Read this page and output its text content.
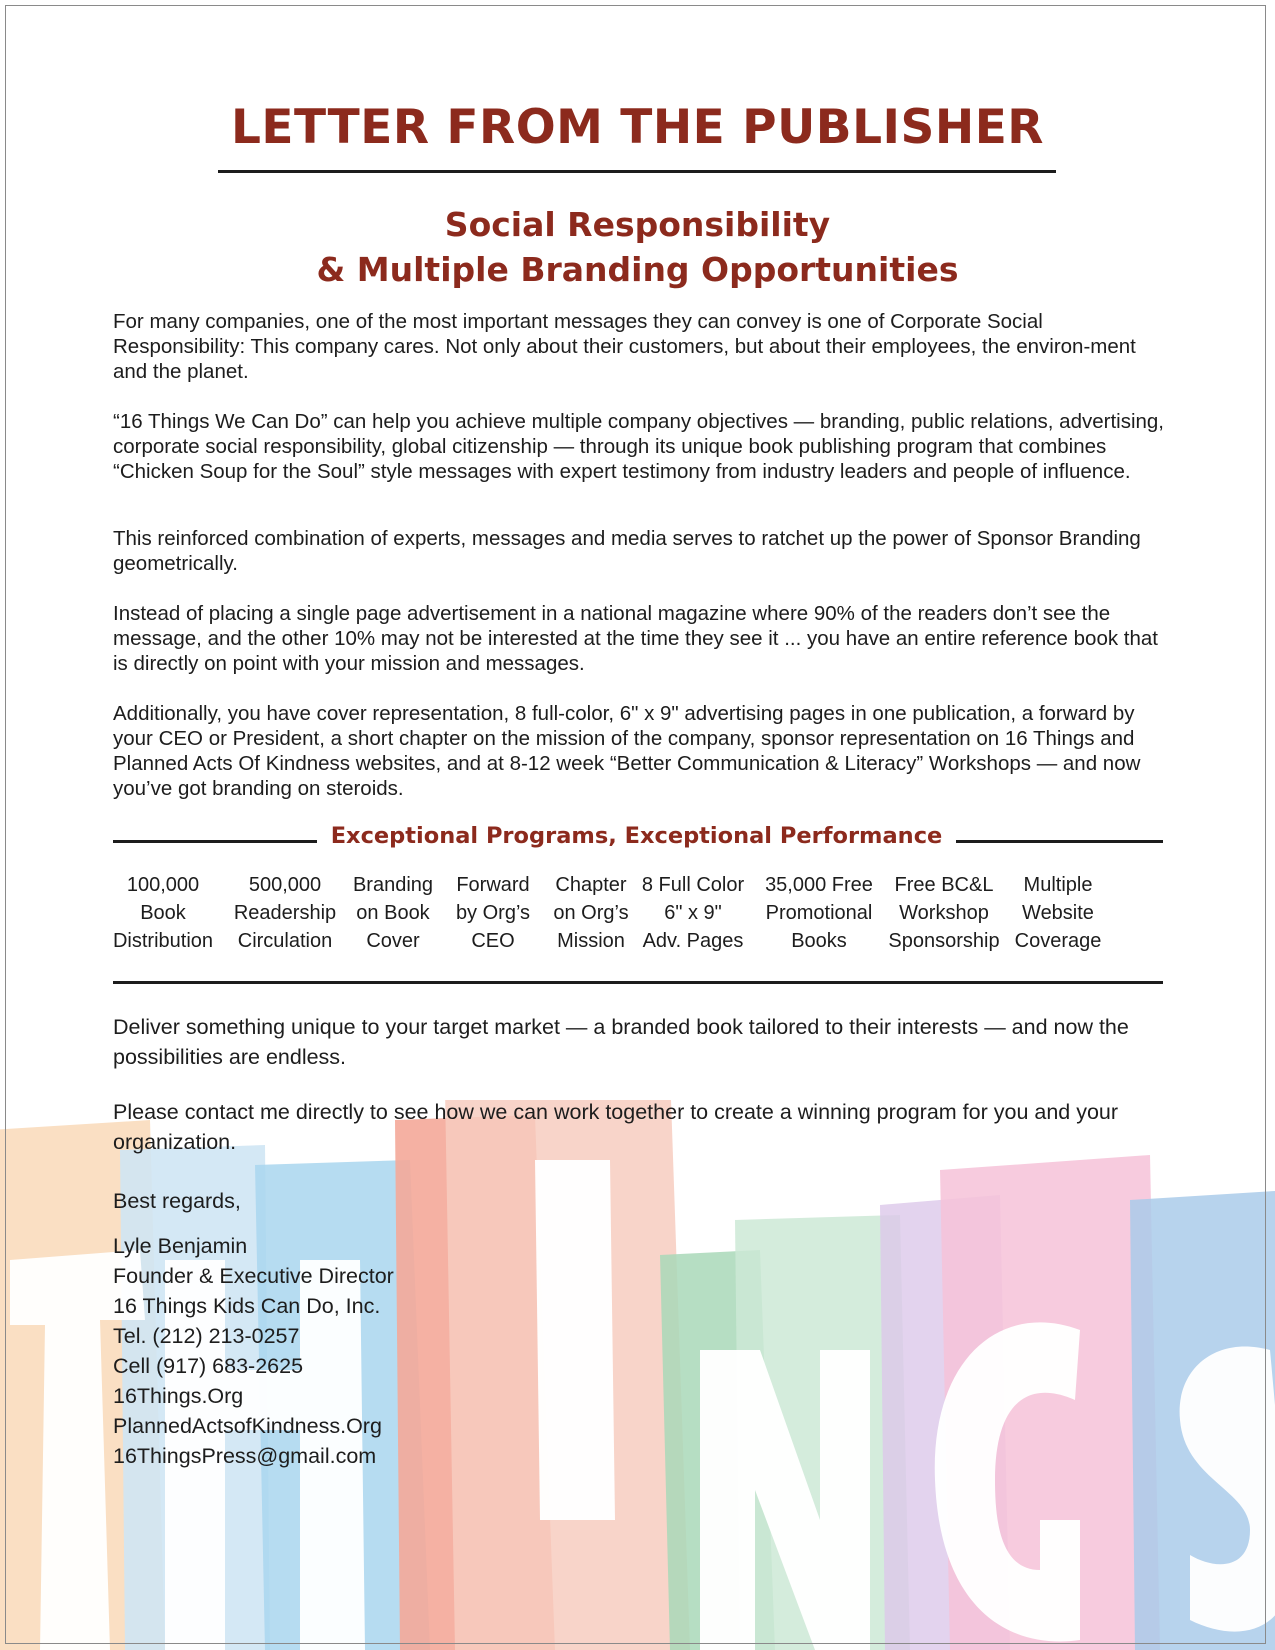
LETTER FROM THE PUBLISHER
Social Responsibility
& Multiple Branding Opportunities

For many companies, one of the most important messages they can convey is one of Corporate Social Responsibility: This company cares. Not only about their customers, but about their employees, the environ-ment and the planet.

“16 Things We Can Do” can help you achieve multiple company objectives — branding, public relations, advertising, corporate social responsibility, global citizenship — through its unique book publishing program that combines “Chicken Soup for the Soul” style messages with expert testimony from industry leaders and people of influence.

This reinforced combination of experts, messages and media serves to ratchet up the power of Sponsor Branding geometrically.

Instead of placing a single page advertisement in a national magazine where 90% of the readers don’t see the message, and the other 10% may not be interested at the time they see it ... you have an entire reference book that is directly on point with your mission and messages.

Additionally, you have cover representation, 8 full-color, 6" x 9" advertising pages in one publication, a forward by your CEO or President, a short chapter on the mission of the company, sponsor representation on 16 Things and Planned Acts Of Kindness websites, and at 8-12 week “Better Communication & Literacy” Workshops — and now you’ve got branding on steroids.

Exceptional Programs, Exceptional Performance
100,000
Book
Distribution
500,000
Readership
Circulation
Branding
on Book
Cover
Forward
by Org’s
CEO
Chapter
on Org’s
Mission
8 Full Color
6" x 9"
Adv. Pages
35,000 Free
Promotional
Books
Free BC&L
Workshop
Sponsorship
Multiple
Website
Coverage

Deliver something unique to your target market — a branded book tailored to their interests — and now the possibilities are endless.

Please contact me directly to see how we can work together to create a winning program for you and your organization.

Best regards,

Lyle Benjamin
Founder & Executive Director
16 Things Kids Can Do, Inc.
Tel. (212) 213-0257
Cell (917) 683-2625
16Things.Org
PlannedActsofKindness.Org
16ThingsPress@gmail.com
